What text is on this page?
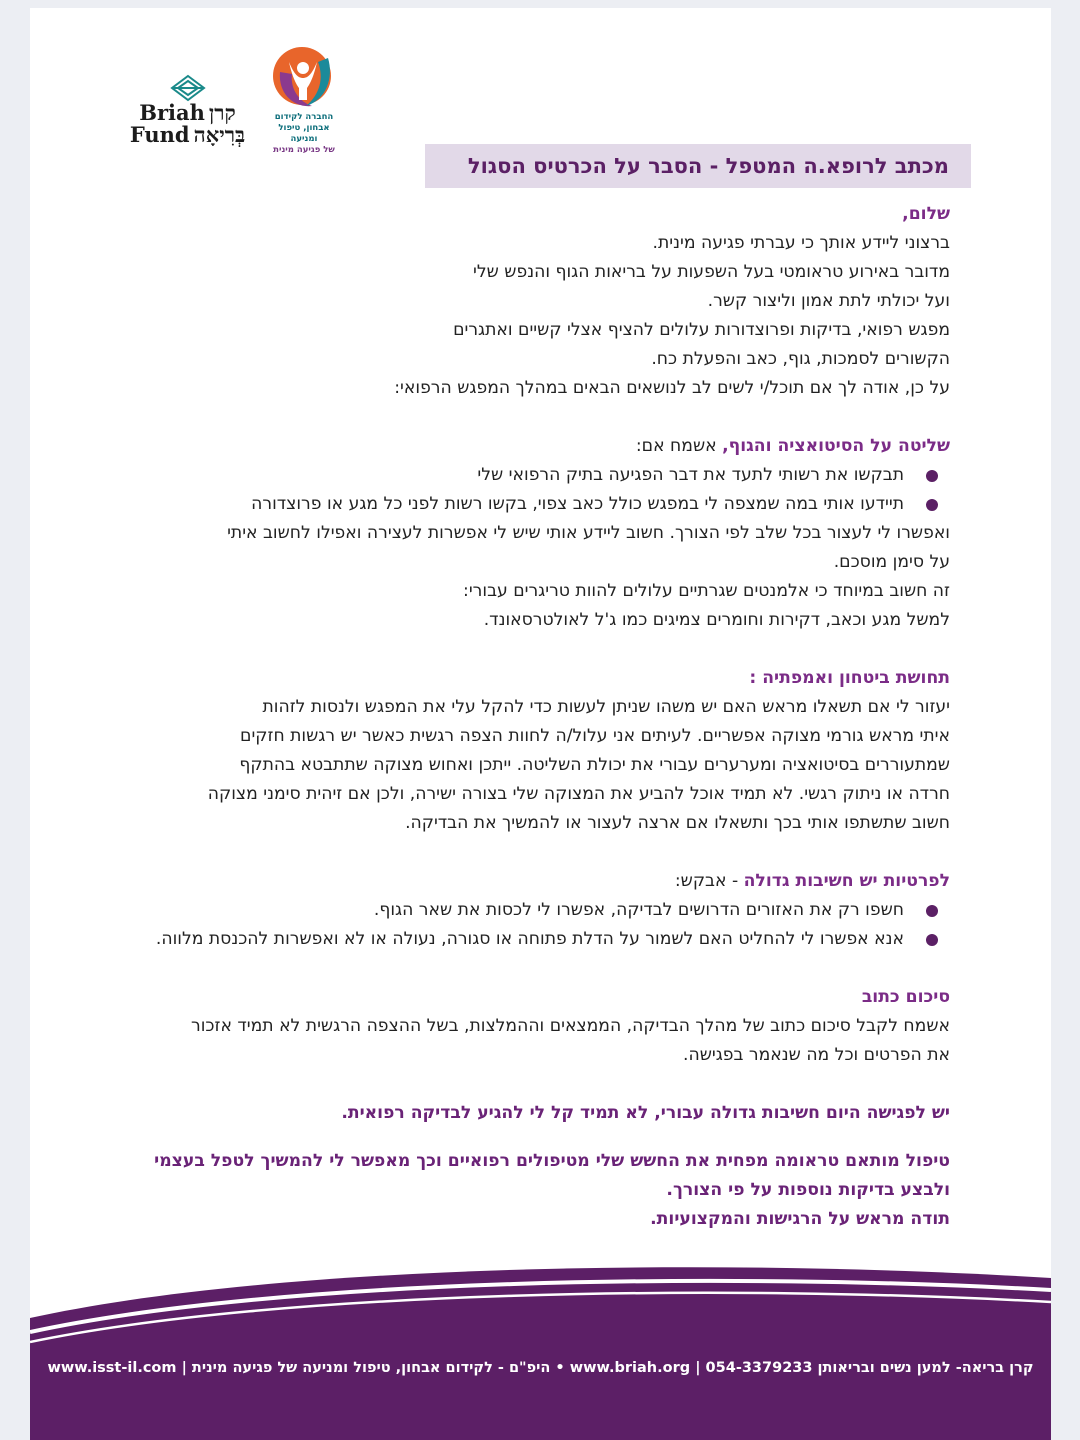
Briah קרן
Fund בְּרִיאָה
החברה לקידום
אבחון, טיפול ומניעה
של פגיעה מינית
מכתב לרופא.ה המטפל - הסבר על הכרטיס הסגול

שלום,

ברצוני ליידע אותך כי עברתי פגיעה מינית.

מדובר באירוע טראומטי בעל השפעות על בריאות הגוף והנפש שלי

ועל יכולתי לתת אמון וליצור קשר.

מפגש רפואי, בדיקות ופרוצדורות עלולים להציף אצלי קשיים ואתגרים

הקשורים לסמכות, גוף, כאב והפעלת כח.

על כן, אודה לך אם תוכל/י לשים לב לנושאים הבאים במהלך המפגש הרפואי:

שליטה על הסיטואציה והגוף, אשמח אם:

תבקשו את רשותי לתעד את דבר הפגיעה בתיק הרפואי שלי
תיידעו אותי במה שמצפה לי במפגש כולל כאב צפוי, בקשו רשות לפני כל מגע או פרוצדורה

ואפשרו לי לעצור בכל שלב לפי הצורך. חשוב ליידע אותי שיש לי אפשרות לעצירה ואפילו לחשוב איתי

על סימן מוסכם.

זה חשוב במיוחד כי אלמנטים שגרתיים עלולים להוות טריגרים עבורי:

למשל מגע וכאב, דקירות וחומרים צמיגים כמו ג'ל לאולטרסאונד.

תחושת ביטחון ואמפתיה :

יעזור לי אם תשאלו מראש האם יש משהו שניתן לעשות כדי להקל עלי את המפגש ולנסות לזהות

איתי מראש גורמי מצוקה אפשריים. לעיתים אני עלול/ה לחוות הצפה רגשית כאשר יש רגשות חזקים

שמתעוררים בסיטואציה ומערערים עבורי את יכולת השליטה. ייתכן ואחוש מצוקה שתתבטא בהתקף

חרדה או ניתוק רגשי. לא תמיד אוכל להביע את המצוקה שלי בצורה ישירה, ולכן אם זיהית סימני מצוקה

חשוב שתשתפו אותי בכך ותשאלו אם ארצה לעצור או להמשיך את הבדיקה.

לפרטיות יש חשיבות גדולה - אבקש:

חשפו רק את האזורים הדרושים לבדיקה, אפשרו לי לכסות את שאר הגוף.
אנא אפשרו לי להחליט האם לשמור על הדלת פתוחה או סגורה, נעולה או לא ואפשרות להכנסת מלווה.

סיכום כתוב

אשמח לקבל סיכום כתוב של מהלך הבדיקה, הממצאים וההמלצות, בשל ההצפה הרגשית לא תמיד אזכור

את הפרטים וכל מה שנאמר בפגישה.

יש לפגישה היום חשיבות גדולה עבורי, לא תמיד קל לי להגיע לבדיקה רפואית.

טיפול מותאם טראומה מפחית את החשש שלי מטיפולים רפואיים וכך מאפשר לי להמשיך לטפל בעצמי

ולבצע בדיקות נוספות על פי הצורך.

תודה מראש על הרגישות והמקצועיות.

קרן בריאה- למען נשים ובריאותן 054-3379233 | www.briah.org • היפ"ם - לקידום אבחון, טיפול ומניעה של פגיעה מינית | www.isst-il.com
